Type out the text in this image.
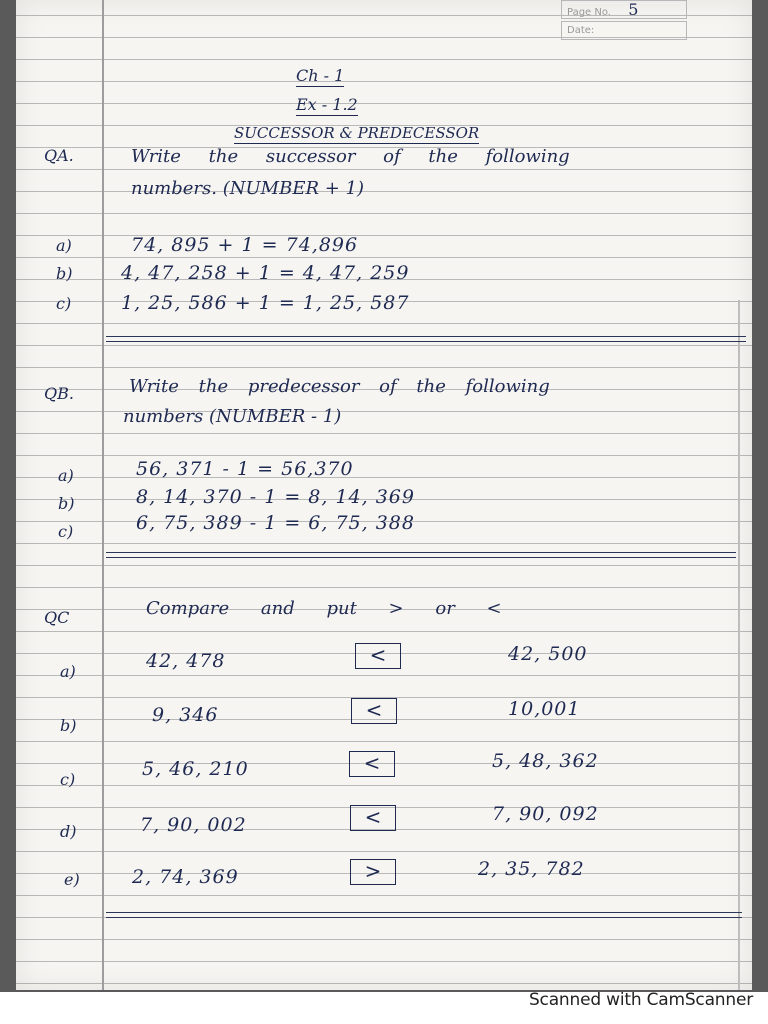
Page No. 5
Date:
Ch - 1
Ex - 1.2
SUCCESSOR & PREDECESSOR
QA.	Write the successor of the following
numbers. (NUMBER + 1)
a)	74, 895 + 1 = 74,896
b)	4, 47, 258 + 1 = 4, 47, 259
c)	1, 25, 586 + 1 = 1, 25, 587
QB.	Write the predecessor of the following
numbers (NUMBER - 1)
a)	56, 371 - 1 = 56,370
b)	8, 14, 370 - 1 = 8, 14, 369
c)	6, 75, 389 - 1 = 6, 75, 388
QC	Compare and put > or <
a)	42, 478	<	42, 500
b)	9, 346	<	10,001
c)	5, 46, 210	<	5, 48, 362
d)	7, 90, 002	<	7, 90, 092
e)	2, 74, 369	>	2, 35, 782
Scanned with CamScanner
